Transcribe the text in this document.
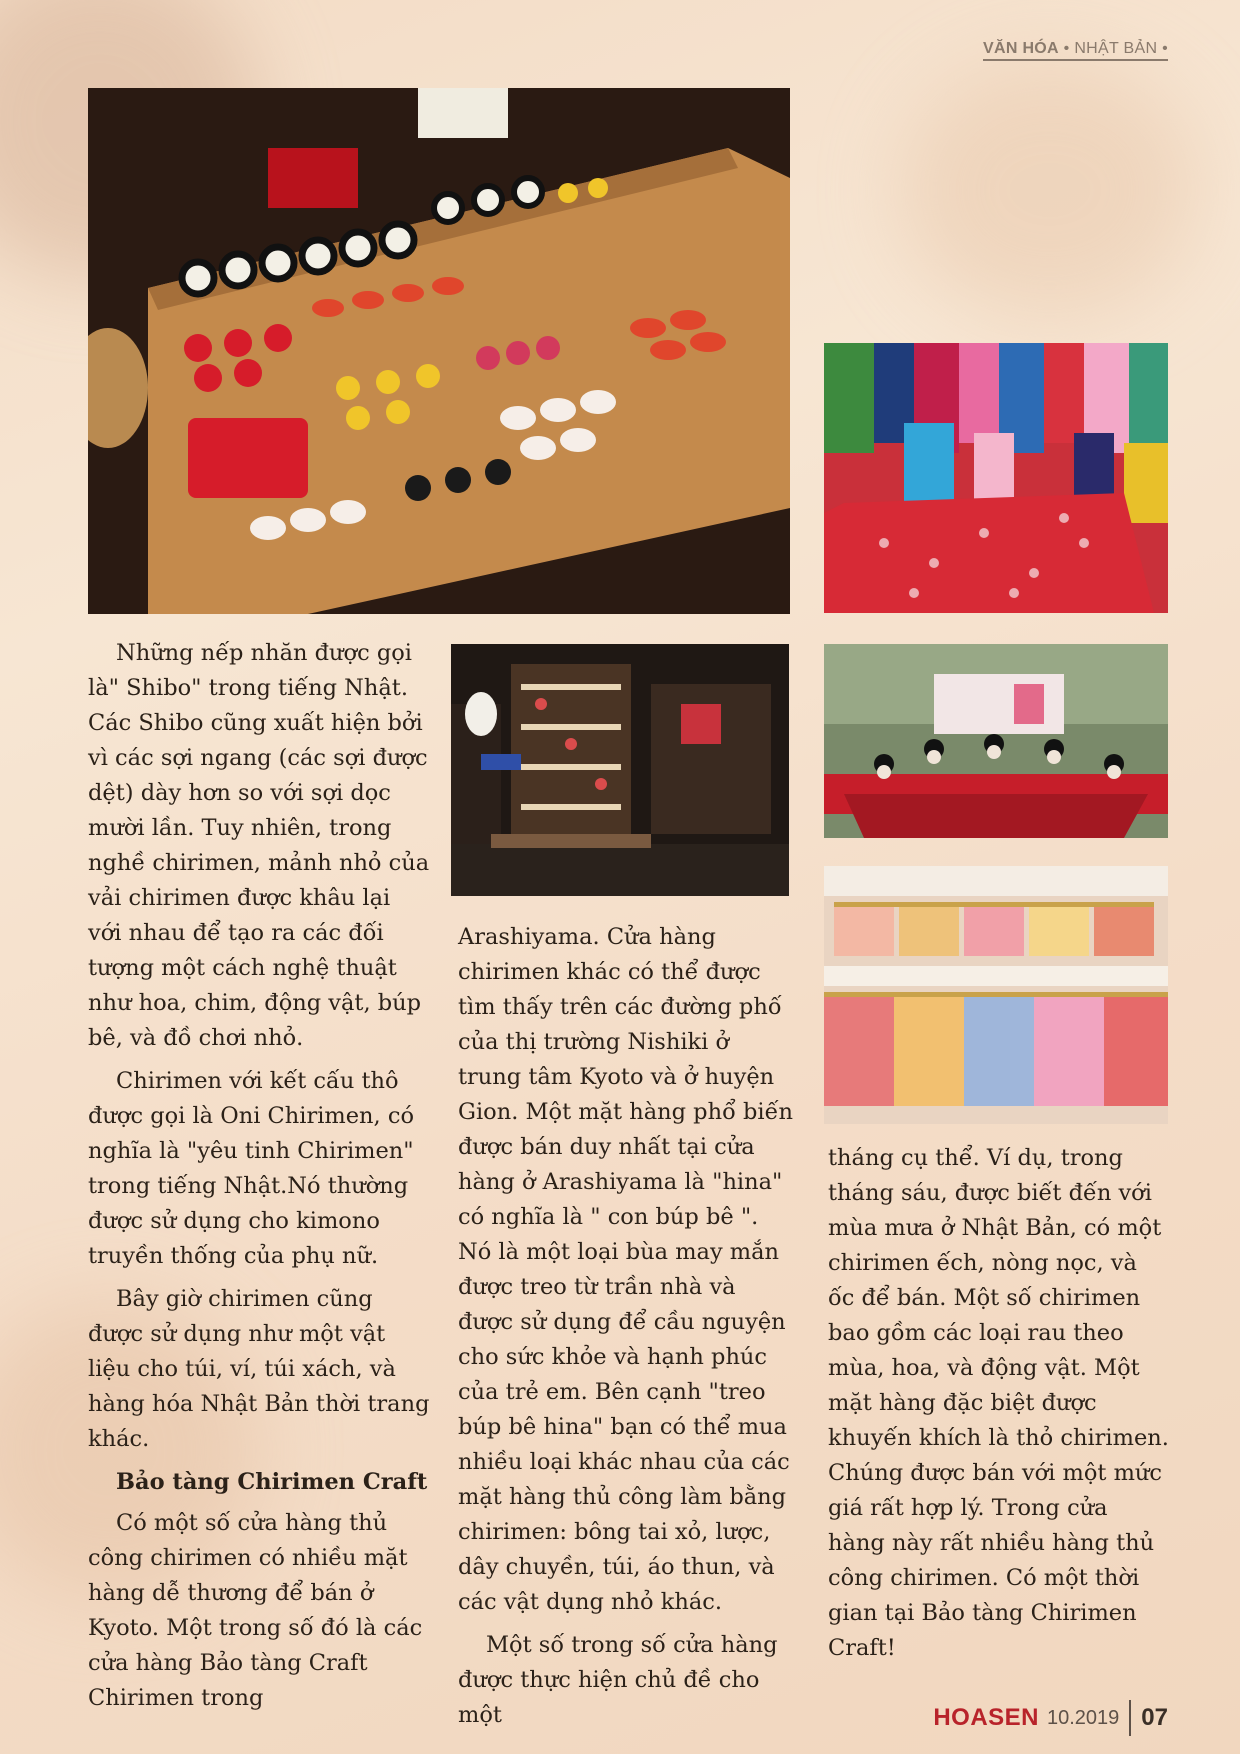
VĂN HÓA • NHẬT BẢN •

Những nếp nhăn được gọi là" Shibo" trong tiếng Nhật. Các Shibo cũng xuất hiện bởi vì các sợi ngang (các sợi được dệt) dày hơn so với sợi dọc mười lần. Tuy nhiên, trong nghề chirimen, mảnh nhỏ của vải chirimen được khâu lại với nhau để tạo ra các đối tượng một cách nghệ thuật như hoa, chim, động vật, búp bê, và đồ chơi nhỏ.

Chirimen với kết cấu thô được gọi là Oni Chirimen, có nghĩa là "yêu tinh Chirimen" trong tiếng Nhật.Nó thường được sử dụng cho kimono truyền thống của phụ nữ.

Bây giờ chirimen cũng được sử dụng như một vật liệu cho túi, ví, túi xách, và hàng hóa Nhật Bản thời trang khác.

Bảo tàng Chirimen Craft

Có một số cửa hàng thủ công chirimen có nhiều mặt hàng dễ thương để bán ở Kyoto. Một trong số đó là các cửa hàng Bảo tàng Craft Chirimen trong

Arashiyama. Cửa hàng chirimen khác có thể được tìm thấy trên các đường phố của thị trường Nishiki ở trung tâm Kyoto và ở huyện Gion. Một mặt hàng phổ biến được bán duy nhất tại cửa hàng ở Arashiyama là "hina" có nghĩa là " con búp bê ". Nó là một loại bùa may mắn được treo từ trần nhà và được sử dụng để cầu nguyện cho sức khỏe và hạnh phúc của trẻ em. Bên cạnh "treo búp bê hina" bạn có thể mua nhiều loại khác nhau của các mặt hàng thủ công làm bằng chirimen: bông tai xỏ, lược, dây chuyền, túi, áo thun, và các vật dụng nhỏ khác.

Một số trong số cửa hàng được thực hiện chủ đề cho một

tháng cụ thể. Ví dụ, trong tháng sáu, được biết đến với mùa mưa ở Nhật Bản, có một chirimen ếch, nòng nọc, và ốc để bán. Một số chirimen bao gồm các loại rau theo mùa, hoa, và động vật. Một mặt hàng đặc biệt được khuyến khích là thỏ chirimen. Chúng được bán với một mức giá rất hợp lý. Trong cửa hàng này rất nhiều hàng thủ công chirimen. Có một thời gian tại Bảo tàng Chirimen Craft!

HOASEN 10.2019 07
